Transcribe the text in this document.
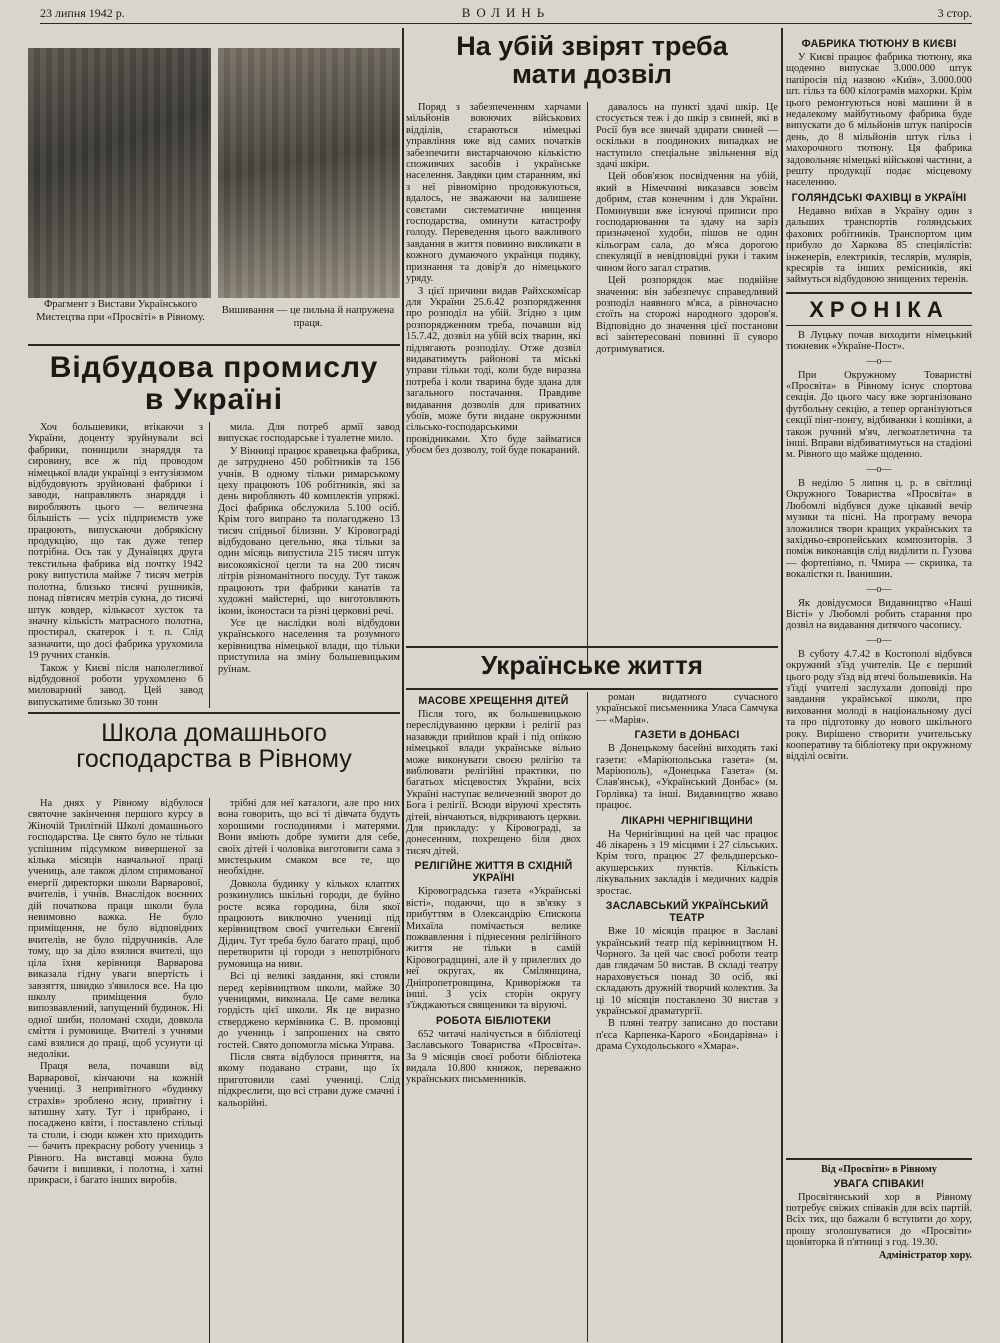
23 липня 1942 р.	ВОЛИНЬ	3 стор.
Фрагмент з Вистави Українського Мистецтва при «Просвіті» в Рівному.
Вишивання — це пильна й напружена праця.
Відбудова промислу в Україні

Хоч большевики, втікаючи з України, доценту зруйнували всі фабрики, понищили знаряддя та сировину, все ж під проводом німецької влади українці з ентузіязмом відбудовують зруйновані фабрики і заводи, направляють знаряддя і виробляють цього — величезна більшість — усіх підприємств уже працюють, випускаючи добрякісну продукцію, що так дуже тепер потрібна. Ось так у Дунаївцях друга текстильна фабрика від почтку 1942 року випустила майже 7 тисяч метрів полотна, близько тисячі рушників, понад півтисяч метрів сукна, до тисячі штук ковдер, кількасот хусток та значну кількість матрасного полотна, простирал, скатерок і т. п. Слід зазначити, що досі фабрика урухомила 19 ручних станків.

Також у Києві після наполегливої відбудовної роботи урухомлено 6 миловарний завод. Цей завод випускатиме близько 30 тонн

мила. Для потреб армії завод випускає господарське і туалетне мило.

У Вінниці працює кравецька фабрика, де затруднено 450 робітників та 156 учнів. В одному тільки римарському цеху працюють 106 робітників, які за день виробляють 40 комплектів упряжі. Досі фабрика обслужила 5.100 осіб. Крім того випрано та полагоджено 13 тисяч спідньої білизни. У Кіровограді відбудовано цегельню, яка тільки за один місяць випустила 215 тисяч штук високоякісної цегли та на 200 тисяч літрів різноманітного посуду. Тут також працюють три фабрики канатів та художні майстерні, що виготовляють ікони, іконостаси та різні церковні речі.

Усе це наслідки волі відбудови українського населення та розумного керівництва німецької влади, що тільки приступила на зміну большевицьким руїнам.

Школа домашнього господарства в Рівному

На днях у Рівному відбулося святочне закінчення першого курсу в Жіночій Трилітній Школі домашнього господарства. Це свято було не тільки успішним підсумком вивершеної за кілька місяців навчальної праці учениць, але також ділом спрямованої енергії директорки школи Варварової, вчителів, і учнів. Внаслідок воєнних дій початкова праця школи була невимовно важка. Не було приміщення, не було відповідних вчителів, не було підручників. Але тому, що за діло взялися вчителі, що ціла їхня керівниця Варварова виказала гідну уваги впертість і завзяття, швидко з'явилося все. На цю школу приміщення було випозвавлений, запущений будинок. Ні одної шиби, поломані сходи, довкола сміття і румовище. Вчителі з учнями самі взялися до праці, щоб усунути ці недоліки.

Праця вела, почавши від Варварової, кінчаючи на кожній учениці. З непривітного «будинку страхів» зроблено ясну, привітну і затишну хату. Тут і прибрано, і посаджено квіти, і поставлено стільці та столи, і сюди кожен хто приходить — бачить прекрасну роботу учениць з Рівного. На виставці можна було бачити і вишивки, і полотна, і хатні прикраси, і багато інших виробів.

трібні для неї каталоги, але про них вона говорить, що всі ті дівчата будуть хорошими господинями і матерями. Вони вміють добре зумити для себе, своїх дітей і чоловіка виготовити сама з мистецьким смаком все те, що необхідне.

Довкола будинку у кількох клаптях розкинулись шкільні городи, де буйно росте всяка городина, біля якої працюють виключно учениці під керівництвом своєї учительки Євгенії Дідич. Тут треба було багато праці, щоб перетворити ці городи з непотрібного румовища на ниви.

Всі ці великі завдання, які стояли перед керівництвом школи, майже 30 ученицями, виконала. Це саме велика гордість цієї школи. Як це виразно стверджено кермівника С. В. промовці до учениць і запрошених на свято гостей. Свято допомогла міська Управа.

Після свята відбулося приняття, на якому подавано страви, що їх приготовили самі учениці. Слід підкреслити, що всі страви дуже смачні і кальорійні.

На убій звірят треба мати дозвіл

Поряд з забезпеченням харчами мільйонів воюючих військових відділів, стараються німецькі управління вже від самих початків забезпечити вистарчаючою кількістю споживчих засобів і українське населення. Завдяки цим старанням, які з неї рівномірно продовжуються, вдалось, не зважаючи на залишене совєтами систематичне нищення господарства, оминути катастрофу голоду. Переведення цього важливого завдання в життя повинно викликати в кожного думаючого українця подяку, признання та довір'я до німецького уряду.

З цієї причини видав Райхскомісар для України 25.6.42 розпорядження про розподіл на убій. Згідно з цим розпорядженням треба, почавши від 15.7.42, дозвіл на убій всіх тварин, які підлягають розподілу. Отже дозвіл видаватимуть районові та міські управи тільки тоді, коли буде виразна потреба і коли тварина буде здана для загального постачання. Правдиве видавання дозволів для приватних убоїв, може бути видане окружними сільсько-господарськими провідниками. Хто буде займатися убоєм без дозволу, той буде покараний.

давалось на пункті здачі шкір. Це стосується теж і до шкір з свиней, які в Росії був все звичай здирати свиней — оскільки в поодиноких випадках не наступило спеціальне звільнення від здачі шкіри.

Цей обов'язок посвідчення на убій, який в Німеччині виказався зовсім добрим, став конечним і для України. Поминувши вже існуючі приписи про господарювання та здачу на заріз призначеної худоби, пішов не один кільограм сала, до м'яса дорогою спекуляції в невідповідні руки і таким чином його загал стратив.

Цей розпорядок має подвійне значення: він забезпечує справедливий розподіл наявного м'яса, а рівночасно стоїть на сторожі народного здоров'я. Відповідно до значення цієї постанови всі заінтересовані повинні її суворо дотримуватися.

Українське життя
МАСОВЕ ХРЕЩЕННЯ ДІТЕЙ

Після того, як большевицькою переслідуванню церкви і релігії раз назавжди прийшов край і під опікою німецької влади українське вільно може виконувати своєю релігію та виблювати релігійні практики, по багатьох місцевостях України, всіх Україні наступає величезний зворот до Бога і релігії. Всюди віруючі хрестять дітей, вінчаються, відкривають церкви. Для прикладу: у Кіровограді, за донесенням, похрещено біля двох тисяч дітей.

РЕЛІГІЙНЕ ЖИТТЯ В СХІДНІЙ УКРАЇНІ

Кіровоградська газета «Українські вісті», подаючи, що в зв'язку з прибуттям в Олександрію Єпископа Михаїла помічається велике пожвавлення і піднесення релігійного життя не тільки в самій Кіровоградщині, але й у прилеглих до неї округах, як Смілянщина, Дніпропетровщина, Криворіжжя та інші. З усіх сторін округу з'їжджаються священики та віруючі.

РОБОТА БІБЛІОТЕКИ

652 читачі налічується в бібліотеці Заславського Товариства «Просвіта». За 9 місяців своєї роботи бібліотека видала 10.800 книжок, переважно українських письменників.

роман видатного сучасного української письменника Уласа Самчука — «Марія».

ГАЗЕТИ в ДОНБАСІ

В Донецькому басейні виходять такі газети: «Маріюпольська газета» (м. Маріюполь), «Донецька Газета» (м. Слав'янськ), «Український Донбас» (м. Горлівка) та інші. Видавництво жваво працює.

ЛІКАРНІ ЧЕРНІГІВЩИНИ

На Чернігівщині на цей час працює 46 лікарень з 19 місцями і 27 сільських. Крім того, працює 27 фельдшерсько-акушерських пунктів. Кількість лікувальних закладів і медичних кадрів зростає.

ЗАСЛАВСЬКИЙ УКРАЇНСЬКИЙ ТЕАТР

Вже 10 місяців працює в Заславі український театр під керівництвом Н. Чорного. За цей час своєї роботи театр дав глядачам 50 вистав. В складі театру нараховується понад 30 осіб, які складають дружній творчий колектив. За ці 10 місяців поставлено 30 вистав з української драматургії.

В пляні театру записано до постави п'єса Карпенка-Карого «Бондарівна» і драма Суходольського «Хмара».

ФАБРИКА ТЮТЮНУ В КИЄВІ

У Києві працює фабрика тютюну, яка щоденно випускає 3.000.000 штук папіросів під назвою «Київ», 3.000.000 шт. гільз та 600 кілограмів махорки. Крім цього ремонтуються нові машини й в недалекому майбутньому фабрика буде випускати до 6 мільйонів штук папіросів день, до 8 мільйонів штук гільз і махорочного тютюну. Ця фабрика задовольняє німецькі військові частини, а решту продукції подає місцевому населенню.

ГОЛЯНДСЬКІ ФАХІВЦІ в УКРАЇНІ

Недавно виїхав в Україну один з дальших транспортів голяндських фахових робітників. Транспортом цим прибуло до Харкова 85 спеціялістів: інженерів, електриків, теслярів, мулярів, кресярів та інших ремісників, які займуться відбудовою знищених теренів.

ХРОНІКА

В Луцьку почав виходити німецький тижневик «Україне-Пост».

—o—

При Окружному Товаристві «Просвіта» в Рівному існує спортова секція. До цього часу вже зорганізовано футбольну секцію, а тепер організуються секції пінг-понгу, відбиванки і кошівки, а також ручний м'яч, легкоатлетична та інші. Вправи відбиватимуться на стадіоні м. Рівного що майже щоденно.

—o—

В неділю 5 липня ц. р. в світлиці Окружного Товариства «Просвіта» в Любомлі відбувся дуже цікавий вечір музики та пісні. На програму вечора зложилися твори кращих українських та західньо-європейських композиторів. З поміж виконавців слід виділити п. Гузова — фортепіяно, п. Чмира — скрипка, та вокалістки п. Іванишин.

—o—

Як довідуємося Видавництво «Наші Вісті» у Любомлі робить старання про дозвіл на видавання дитячого часопису.

—o—

В суботу 4.7.42 в Костополі відбувся окружний з'їзд учителів. Це є перший цього роду з'їзд від втечі большевиків. На з'їзді учителі заслухали доповіді про завдання української школи, про виховання молоді в національному дусі та про підготовку до нового шкільного року. Вирішено створити учительську кооперативу та бібліотеку при окружному відділі освіти.

Від «Просвіти» в Рівному
УВАГА СПІВАКИ!

Просвітянський хор в Рівному потребує свіжих співаків для всіх партій. Всіх тих, що бажали б вступити до хору, прошу зголошуватися до «Просвіти» щовівторка й п'ятниці з год. 19.30.

Адміністратор хору.
